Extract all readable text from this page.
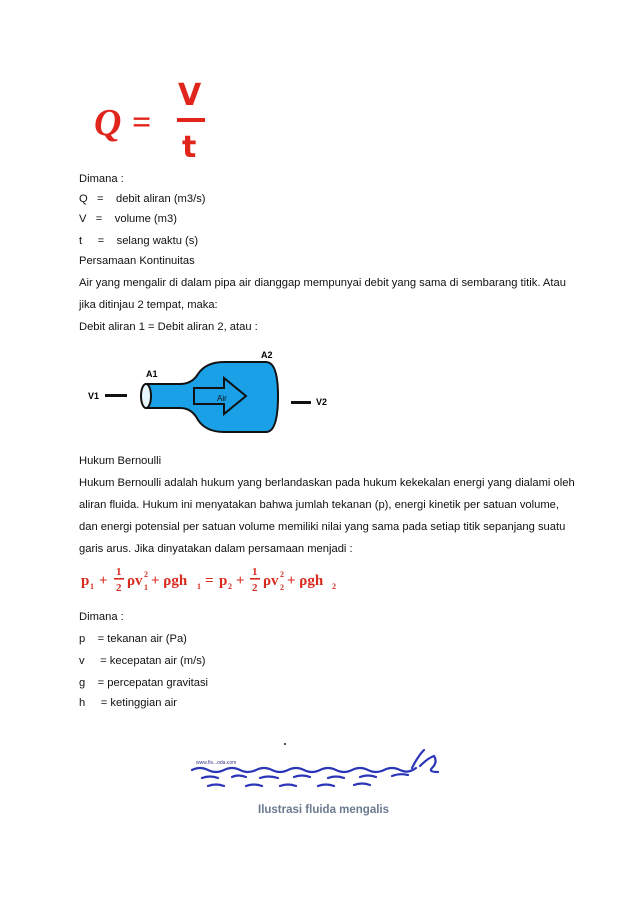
Q =
V
t
Dimana :
Q   =    debit aliran (m3/s)
V   =    volume (m3)
t     =    selang waktu (s)
Persamaan Kontinuitas
Air yang mengalir di dalam pipa air dianggap mempunyai debit yang sama di sembarang titik. Atau
jika ditinjau 2 tempat, maka:
Debit aliran 1 = Debit aliran 2, atau :
V1
A1
A2
Air	V2
Hukum Bernoulli
Hukum Bernoulli adalah hukum yang berlandaskan pada hukum kekekalan energi yang dialami oleh
aliran fluida. Hukum ini menyatakan bahwa jumlah tekanan (p), energi kinetik per satuan volume,
dan energi potensial per satuan volume memiliki nilai yang sama pada setiap titik sepanjang suatu
garis arus. Jika dinyatakan dalam persamaan menjadi :
p 1 +
1
2 ρv 2
1 + ρgh 1 = p 2 +
1
2 ρv 2
2 + ρgh 2
Dimana :
p    = tekanan air (Pa)
v     = kecepatan air (m/s)
g    = percepatan gravitasi
h     = ketinggian air
www.fis...oda.com
Ilustrasi fluida mengalis
